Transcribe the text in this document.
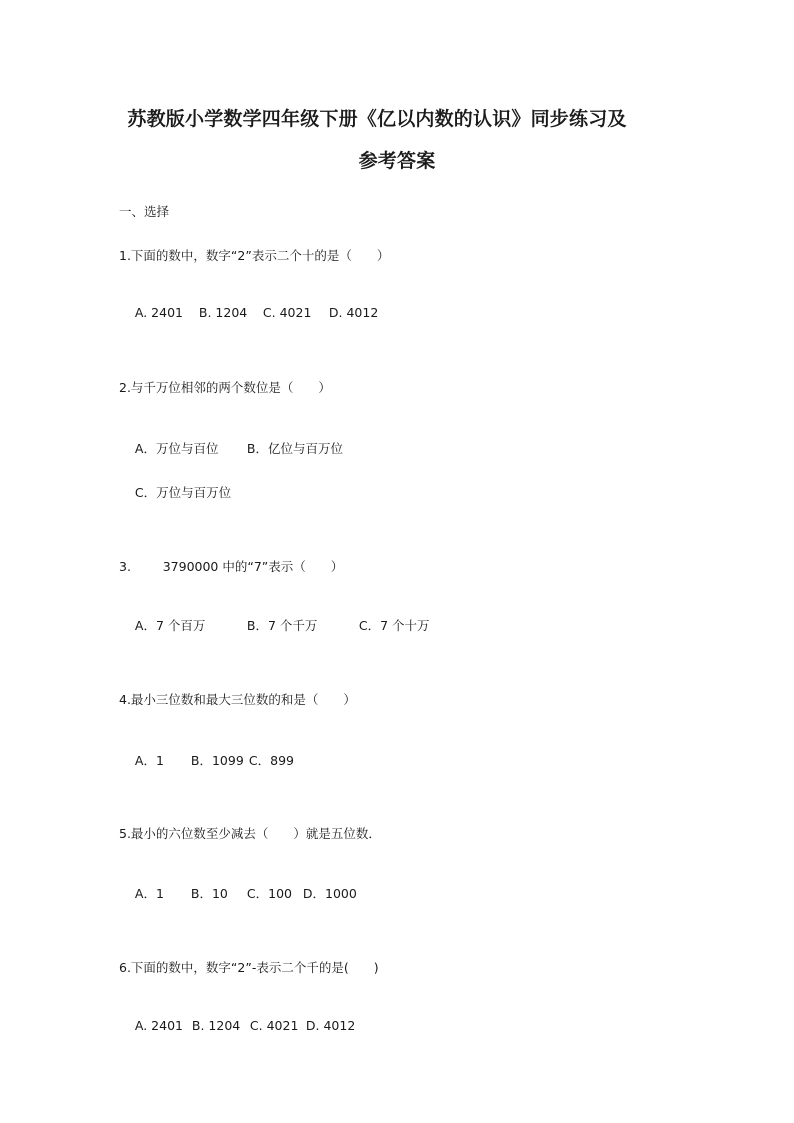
苏教版小学数学四年级下册《亿以内数的认识》同步练习及
参考答案
一、选择
1.下面的数中，数字“2”表示二个十的是（　　）

A. 2401 B. 1204 C. 4021 D. 4012

2.与千万位相邻的两个数位是（　　）

A．万位与百位 B．亿位与百万位

C．万位与百万位

3.        3790000 中的“7”表示（　　）

A．7 个百万	B．7 个千万	C．7 个十万

4.最小三位数和最大三位数的和是（　　）

A．1 B．1099 C．899

5.最小的六位数至少减去（　　）就是五位数．

A．1 B．10 C．100 D．1000

6.下面的数中，数字“2”-表示二个千的是(　　)

A. 2401 B. 1204 C. 4021 D. 4012
